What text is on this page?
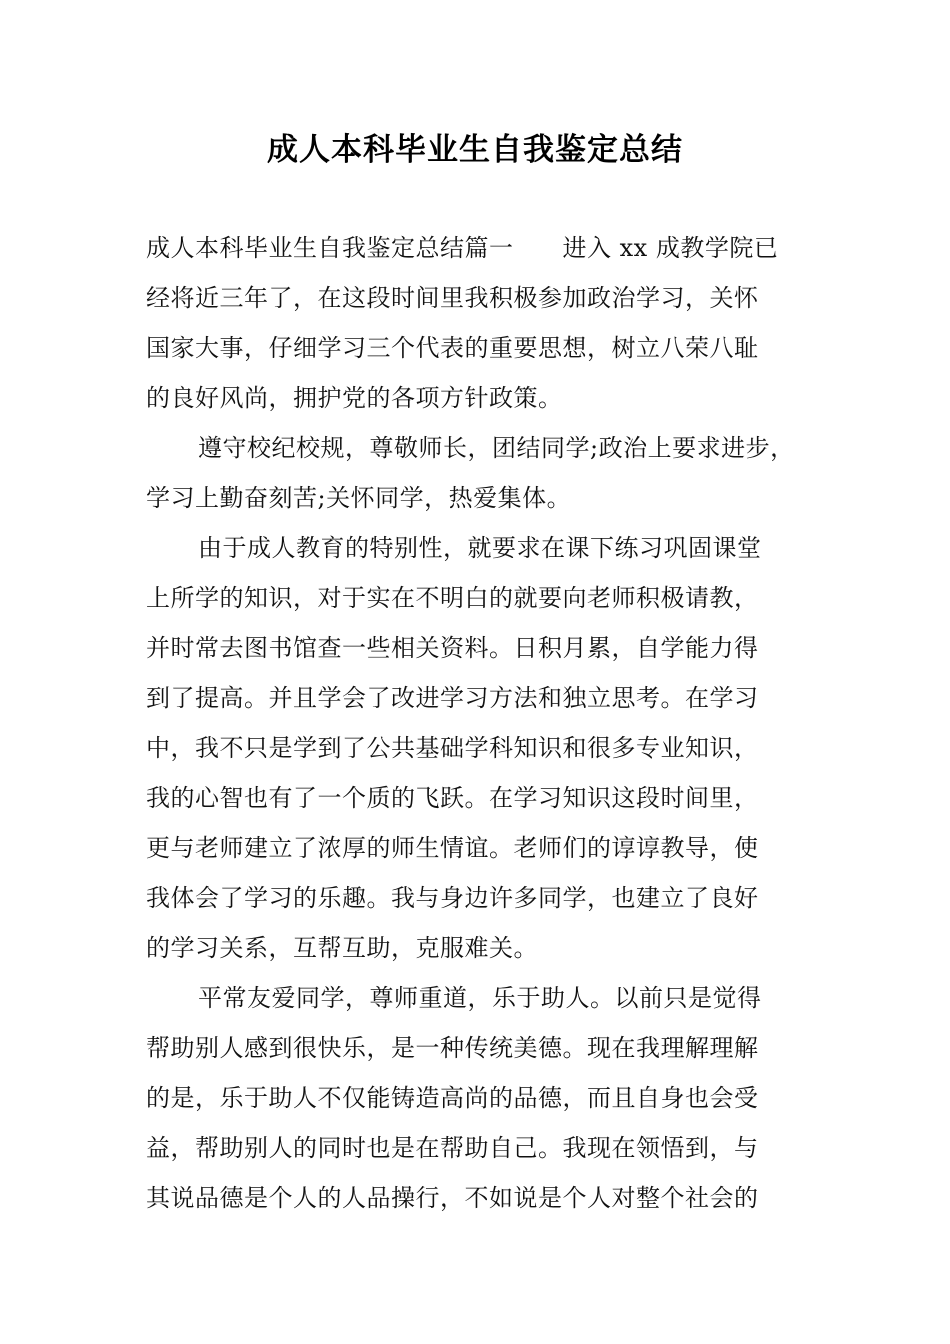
成人本科毕业生自我鉴定总结
成人本科毕业生自我鉴定总结篇一　　进入 xx 成教学院已
经将近三年了，在这段时间里我积极参加政治学习，关怀
国家大事，仔细学习三个代表的重要思想，树立八荣八耻
的良好风尚，拥护党的各项方针政策。
遵守校纪校规，尊敬师长，团结同学;政治上要求进步，
学习上勤奋刻苦;关怀同学，热爱集体。
由于成人教育的特别性，就要求在课下练习巩固课堂
上所学的知识，对于实在不明白的就要向老师积极请教，
并时常去图书馆查一些相关资料。日积月累，自学能力得
到了提高。并且学会了改进学习方法和独立思考。在学习
中，我不只是学到了公共基础学科知识和很多专业知识，
我的心智也有了一个质的飞跃。在学习知识这段时间里，
更与老师建立了浓厚的师生情谊。老师们的谆谆教导，使
我体会了学习的乐趣。我与身边许多同学，也建立了良好
的学习关系，互帮互助，克服难关。
平常友爱同学，尊师重道，乐于助人。以前只是觉得
帮助别人感到很快乐，是一种传统美德。现在我理解理解
的是，乐于助人不仅能铸造高尚的品德，而且自身也会受
益，帮助别人的同时也是在帮助自己。我现在领悟到，与
其说品德是个人的人品操行，不如说是个人对整个社会的
